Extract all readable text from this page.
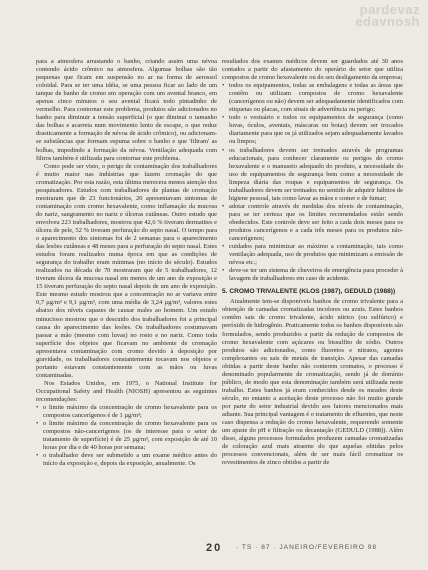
pardevaz
edavnosh

para a atmosfera arrastando o banho, criando assim uma névoa contendo ácido crômico na atmosfera. Algumas bolhas são tão pequenas que ficam em suspensão no ar na forma de aerossol coloidal. Para se ter uma idéia, se uma pessoa ficar ao lado de um tanque de banho de cromo em operação com um avental branco, em apenas cinco minutos o seu avental ficará todo pintadinho de vermelho. Para contornar este problema, produtos são adicionados no banho para diminuir a tensão superficial (o que diminui o tamanho das bolhas e acarreta num movimento lento de escape, o que reduz drasticamente a formação de névoa de ácido crômico), ou adicionam-se substâncias que formam espuma sobre o banho e que 'filtram' as bolhas, impedindo a formação da névoa. Ventilação adequada com filtros também é utilizada para contornar este problema.

Como pode ser visto, o perigo de contaminação dos trabalhadores é muito maior nas indústrias que fazem cromação do que cromatização. Por esta razão, esta última merecera menos atenção dos pesquisadores. Estudos com trabalhadores de plantas de cromação mostraram que de 23 funcionários, 20 apresentavam sintomas de contaminação com cromo hexavalente, como inflamação da mucosa do nariz, sangramento no nariz e úlceras cutâneas. Outro estudo que envolveu 223 trabalhadores, mostrou que 42,6 % tiveram dermatites e úlcera de pele, 52 % tiveram perfuração do septo nasal. O tempo para o aparecimento dos sintomas foi de 2 semanas para o aparecimento das lesões cutâneas e 48 meses para a perfuração do septo nasal. Estes estudos foram realizados numa época em que as condições de segurança do trabalho eram mínimas (no início do século). Estudos realizados na década de 70 mostraram que de 5 trabalhadores, 12 tiveram úlcera da mucosa nasal em menos de um ano de exposição e 15 tiveram perfuração do septo nasal depois de um ano de exposição. Este mesmo estudo mostrou que a concentração no ar variava entre 0,7 µg/m³ e 9,1 µg/m³, com uma média de 3,24 µg/m³, valores estes abaixo dos níveis capazes de causar males ao homem. Um estudo minucioso mostrou que o descuido dos trabalhadores foi a principal causa do aparecimento das lesões. Os trabalhadores costumavam passar a mão (mesmo com luvas) no rosto e no nariz. Como toda superfície dos objetos que ficavam no ambiente de cromação apresentava contaminação com cromo devido à deposição por gravidade, os trabalhadores constantemente tocavam nos objetos e portanto estavam constantemente com as mãos ou luvas contaminadas.

Nos Estados Unidos, em 1975, o National Institute for Occupational Safety and Health (NIOSH) apresentou as seguintes recomendações:

• o limite máximo da concentração de cromo hexavalente para os compostos cancerígenos é de 1 µg/m³;
• o limite máximo da concentração de cromo hexavalente para os compostos não-cancerígenos (os de interesse para o setor de tratamento de superfície) é de 25 µg/m³, com exposição de até 10 horas por dia e de 40 horas por semana;
• o trabalhador deve ser submetido a um exame médico antes do início da exposição e, depois da exposição, anualmente. Os

resultados dos exames médicos devem ser guardados até 30 anos contados a partir do afastamento do operário do setor que utiliza compostos de cromo hexavalente ou do seu desligamento da empresa;

• todos os equipamentos, todas as embalagens e todas as áreas que contêm ou utilizam compostos de cromo hexavalente (cancerígenos ou não) devem ser adequadamente identificados com etiquetas ou placas, com sinais de advertência ou perigo;
• todo o vestuário e todos os equipamentos de segurança (como luvas, óculos, aventais, máscaras ou botas) devem ser trocados diariamente para que os já utilizados sejam adequadamente lavados ou limpos;
• os trabalhadores devem ser treinados através de programas educacionais, para conhecer claramente os perigos do cromo hexavalente e o manuseio adequado do produto, a necessidade do uso de equipamentos de segurança bem como a necessidade de limpeza diária das roupas e equipamentos de segurança. Os trabalhadores devem ser treinados no sentido de adquirir hábitos de higiene pessoal, tais como lavar as mãos e comer e de fumar;
• adotar controle através de medidas dos níveis de contaminação, para se ter certeza que os limites recomendados estão sendo obedecidos. Este controle deve ser feito a cada dois meses para os produtos cancerígenos e a cada três meses para os produtos não-cancerígenos;
• cuidados para minimizar ao máximo a contaminação, tais como ventilação adequada, uso de produtos que minimizam a emissão de névoa etc.;
• deve-se ter um sistema de chuveiros de emergência para proceder à lavagem de trabalhadores em caso de acidente.
5. CROMO TRIVALENTE (KLOS (1987), GEDULD (1988))

Atualmente tem-se disponíveis banhos de cromo trivalente para a obtenção de camadas cromatizadas incolores ou azuis. Estes banhos contêm sais de cromo trivalente, ácido nítrico (ou sulfúrico) e peróxido de hidrogênio. Praticamente todos os banhos disponíveis são formulados, sendo produzidos a partir da redução de compostos de cromo hexavalente com açúcares ou bissulfito de sódio. Outros produtos são adicionados, como fluoretos e nitratos, agentes complexantes ou sais de metais de transição. Apesar das camadas obtidas a partir deste banho não conterem cromatos, o processo é denominado popularmente de cromatização, sendo já de domínio público, de modo que esta denominação também será utilizada neste trabalho. Estes banhos já eram conhecidos desde os meados deste século, no entanto a aceitação deste processo não foi muito grande por parte do setor industrial devido aos fatores mencionados mais adiante. Sua principal vantagem é o tratamento de efluentes, que neste caso dispensa a redução do cromo hexavalente, requerendo somente um ajuste do pH e filtração ou decantação (GEDULD (1988)). Além disso, alguns processos formulados produzem camadas cromatizadas de coloração azul mais atraente do que aquelas obtidas pelos processos convencionais, além de ser mais fácil cromatizar os revestimentos de zinco obtidos a partir de

20 · TS · 87 · JANEIRO/FEVEREIRO 98
